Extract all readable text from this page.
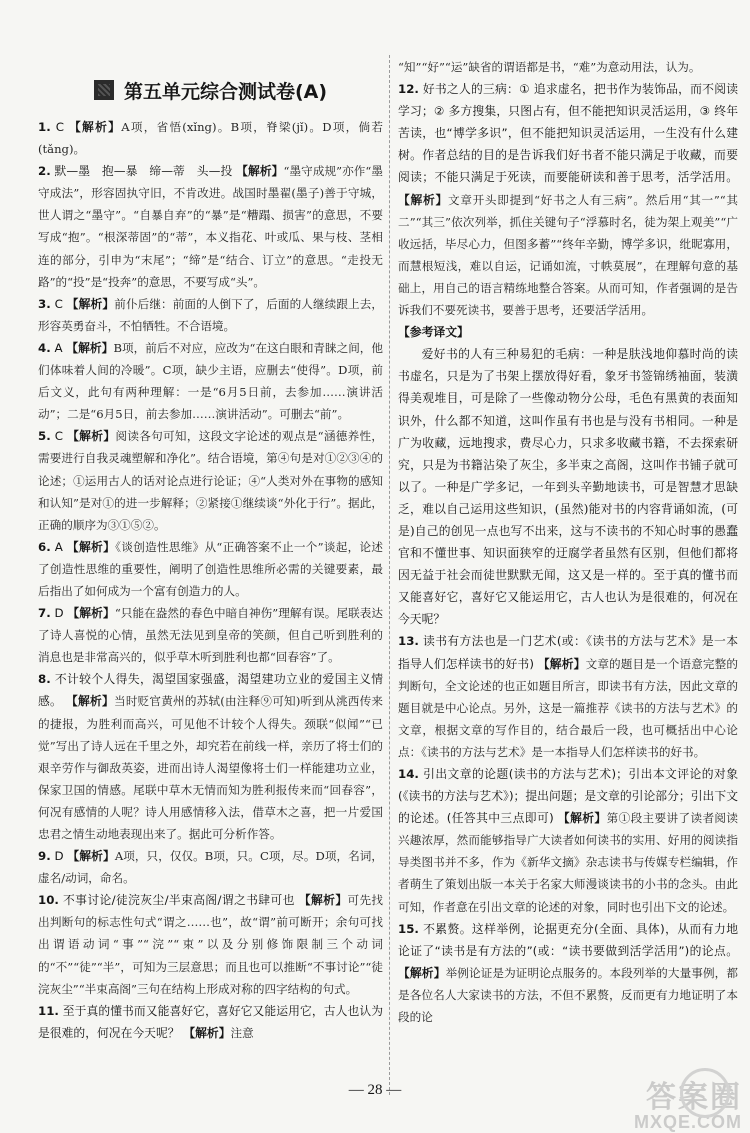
第五单元综合测试卷(A)

1. C 【解析】A项，省悟(xǐng)。B项，脊梁(jǐ)。D项，倘若(tǎng)。

2. 默—墨　抱—暴　缔—蒂　头—投 【解析】“墨守成规”亦作“墨守成法”，形容固执守旧，不肯改进。战国时墨翟(墨子)善于守城，世人谓之“墨守”。“自暴自弃”的“暴”是“糟蹋、损害”的意思，不要写成“抱”。“根深蒂固”的“蒂”，本义指花、叶或瓜、果与枝、茎相连的部分，引申为“末尾”；“缔”是“结合、订立”的意思。“走投无路”的“投”是“投奔”的意思，不要写成“头”。

3. C 【解析】前仆后继：前面的人倒下了，后面的人继续跟上去，形容英勇奋斗，不怕牺牲。不合语境。

4. A 【解析】B项，前后不对应，应改为“在这白眼和青睐之间，他们体味着人间的冷暖”。C项，缺少主语，应删去“使得”。D项，前后文义，此句有两种理解：一是“6月5日前，去参加……演讲活动”；二是“6月5日，前去参加……演讲活动”。可删去“前”。

5. C 【解析】阅读各句可知，这段文字论述的观点是“涵德养性，需要进行自我灵魂塑解和净化”。结合语境，第④句是对①②③④的论述；①运用古人的话对论点进行论证；④“人类对外在事物的感知和认知”是对①的进一步解释；②紧接①继续谈“外化于行”。据此，正确的顺序为③①⑤②。

6. A 【解析】《谈创造性思维》从“正确答案不止一个”谈起，论述了创造性思维的重要性，阐明了创造性思维所必需的关键要素，最后指出了如何成为一个富有创造力的人。

7. D 【解析】“只能在盎然的春色中暗自神伤”理解有误。尾联表达了诗人喜悦的心情，虽然无法见到皇帝的笑颜，但自己听到胜利的消息也是非常高兴的，似乎草木听到胜利也都“回春容”了。

8. 不计较个人得失，渴望国家强盛，渴望建功立业的爱国主义情感。 【解析】当时贬官黄州的苏轼(由注释⑨可知)听到从洮西传来的捷报，为胜利而高兴，可见他不计较个人得失。颈联“似闻”“已觉”写出了诗人远在千里之外，却究若在前线一样，亲历了将士们的艰辛劳作与御敌英姿，进而出诗人渴望像将士们一样能建功立业，保家卫国的情感。尾联中草木无情而知为胜利报传来而“回春容”，何况有感情的人呢？诗人用感情移入法，借草木之喜，把一片爱国忠君之情生动地表现出来了。据此可分析作答。

9. D 【解析】A项，只，仅仅。B项，只。C项，尽。D项，名词，虚名/动词，命名。

10. 不事讨论/徒浣灰尘/半束高阁/谓之书肆可也 【解析】可先找出判断句的标志性句式“谓之……也”，故“谓”前可断开；余句可找出谓语动词“事”“浣”“束”以及分别修饰限制三个动词的“不”“徒”“半”，可知为三层意思；而且也可以推断“不事讨论”“徒浣灰尘”“半束高阁”三句在结构上形成对称的四字结构的句式。

11. 至于真的懂书而又能喜好它，喜好它又能运用它，古人也认为是很难的，何况在今天呢？ 【解析】注意

“知”“好”“运”缺省的谓语都是书，“难”为意动用法，认为。

12. 好书之人的三病：① 追求虚名，把书作为装饰品，而不阅读学习；② 多方搜集，只图占有，但不能把知识灵活运用，③ 终年苦读，也“博学多识”，但不能把知识灵活运用，一生没有什么建树。作者总结的目的是告诉我们好书者不能只满足于收藏，而要阅读；不能只满足于死读，而要能研读和善于思考，活学活用。 【解析】文章开头即提到“好书之人有三病”。然后用“其一”“其二”“其三”依次列举，抓住关键句子“浮慕时名，徒为架上观美”“广收远括，毕尽心力，但图多蓄”“终年辛勤，博学多识，纰昵寡用，而慧根短浅，难以自运，记诵如流，寸帙莫展”，在理解句意的基础上，用自己的语言精练地整合答案。从而可知，作者强调的是告诉我们不要死读书，要善于思考，还要活学活用。

【参考译文】

爱好书的人有三种易犯的毛病：一种是肤浅地仰慕时尚的读书虚名，只是为了书架上摆放得好看，象牙书签锦绣袖面，装潢得美观堆目，可是除了一些像动物分公母，毛色有黑黄的表面知识外，什么都不知道，这叫作虽有书也是与没有书相同。一种是广为收藏，远地搜求，费尽心力，只求多收藏书籍，不去探索研究，只是为书籍沾染了灰尘，多半束之高阁，这叫作书铺子就可以了。一种是广学多记，一年到头辛勤地读书，可是智慧才思缺乏，难以自己运用这些知识，(虽然)能对书的内容背诵如流，(可是)自己的创见一点也写不出来，这与不读书的不知心时事的愚蠢官和不懂世事、知识面狭窄的迂腐学者虽然有区别，但他们都将因无益于社会而徒世默默无闻，这又是一样的。至于真的懂书而又能喜好它，喜好它又能运用它，古人也认为是很难的，何况在今天呢？

13. 读书有方法也是一门艺术(或：《读书的方法与艺术》是一本指导人们怎样读书的好书) 【解析】文章的题目是一个语意完整的判断句，全文论述的也正如题目所言，即读书有方法，因此文章的题目就是中心论点。另外，这是一篇推荐《读书的方法与艺术》的文章，根据文章的写作目的，结合最后一段，也可概括出中心论点：《读书的方法与艺术》是一本指导人们怎样读书的好书。

14. 引出文章的论题(读书的方法与艺术)；引出本文评论的对象(《读书的方法与艺术》)；提出问题；是文章的引论部分；引出下文的论述。(任答其中三点即可) 【解析】第①段主要讲了读者阅读兴趣浓厚，然而能够指导广大读者如何读书的实用、好用的阅读指导类图书并不多，作为《新华文摘》杂志读书与传媒专栏编辑，作者萌生了策划出版一本关于名家大师漫谈读书的小书的念头。由此可知，作者意在引出文章的论述的对象，同时也引出下文的论述。

15. 不累赘。这样举例，论据更充分(全面、具体)，从而有力地论证了“读书是有方法的”(或：“读书要做到活学活用”)的论点。 【解析】举例论证是为证明论点服务的。本段列举的大量事例，都是各位名人大家读书的方法，不但不累赘，反而更有力地证明了本段的论

— 28 —	答案圈
MXQE.COM
